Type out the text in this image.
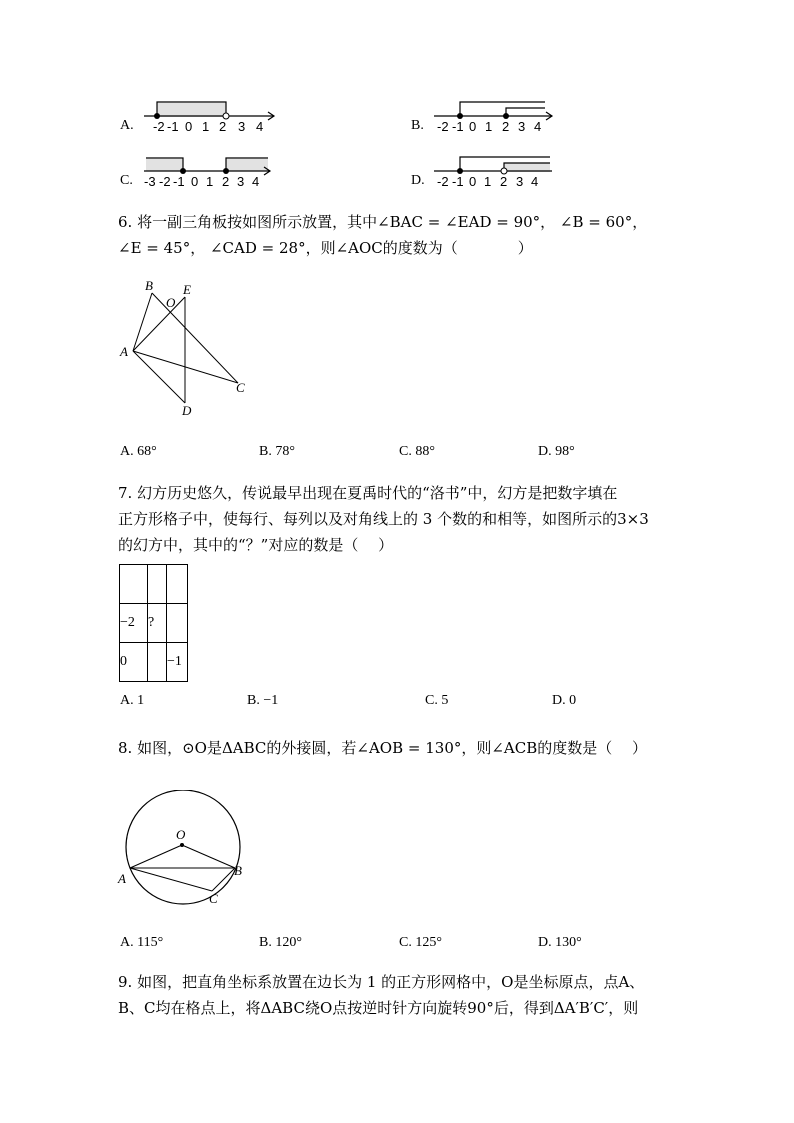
A. -2 -1 0 1 2 3 4	B. -2 -1 0 1 2 3 4
C. -3 -2 -1 0 1 2 3 4	D. -2 -1 0 1 2 3 4
6. 将一副三角板按如图所示放置，其中∠BAC = ∠EAD = 90°， ∠B = 60°，
∠E = 45°， ∠CAD = 28°，则∠AOC的度数为（　　　　）
A
B
C
D
E
O
A. 68°	B. 78°	C. 88°	D. 98°
7. 幻方历史悠久，传说最早出现在夏禹时代的“洛书”中，幻方是把数字填在
正方形格子中，使每行、每列以及对角线上的 3 个数的和相等，如图所示的3×3
的幻方中，其中的“？”对应的数是（　 ）

−2	?	
0		−1
A. 1	B. −1	C. 5	D. 0
8. 如图，⊙O是ΔABC的外接圆，若∠AOB = 130°，则∠ACB的度数是（　 ）
O
A
B
C
A. 115°	B. 120°	C. 125°	D. 130°
9. 如图，把直角坐标系放置在边长为 1 的正方形网格中，O是坐标原点，点A、
B、C均在格点上，将ΔABC绕O点按逆时针方向旋转90°后，得到ΔA′B′C′，则
